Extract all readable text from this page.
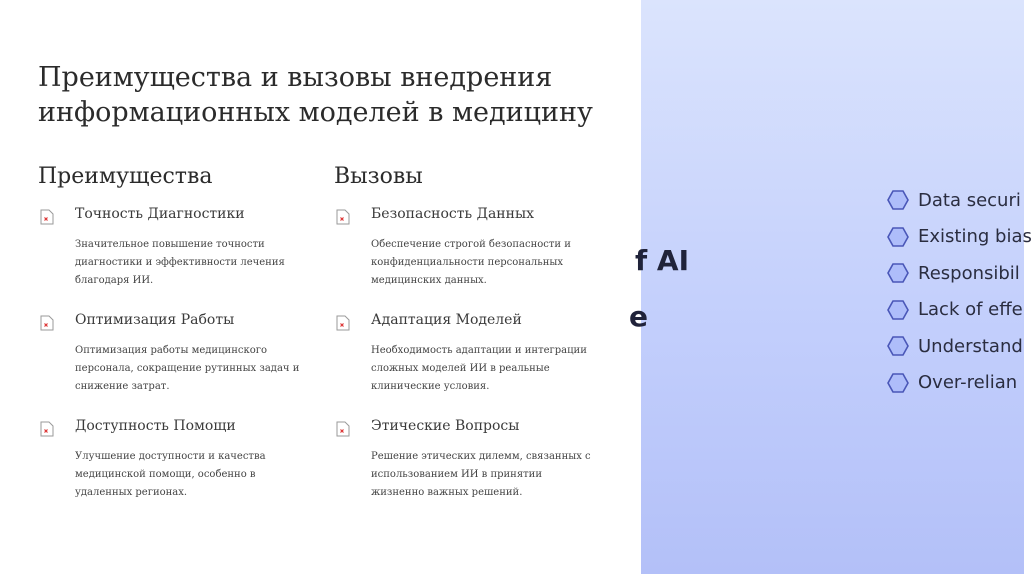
Преимущества и вызовы внедрения информационных моделей в медицину
Преимущества	Вызовы
Точность Диагностики
Значительное повышение точности диагностики и эффективности лечения благодаря ИИ.
Оптимизация Работы
Оптимизация работы медицинского персонала, сокращение рутинных задач и снижение затрат.
Доступность Помощи
Улучшение доступности и качества медицинской помощи, особенно в удаленных регионах.
Безопасность Данных
Обеспечение строгой безопасности и конфиденциальности персональных медицинских данных.
Адаптация Моделей
Необходимость адаптации и интеграции сложных моделей ИИ в реальные клинические условия.
Этические Вопросы
Решение этических дилемм, связанных с использованием ИИ в принятии жизненно важных решений.
f AI
e
Data securi
Existing bias
Responsibil
Lack of effe
Understand
Over-relian
